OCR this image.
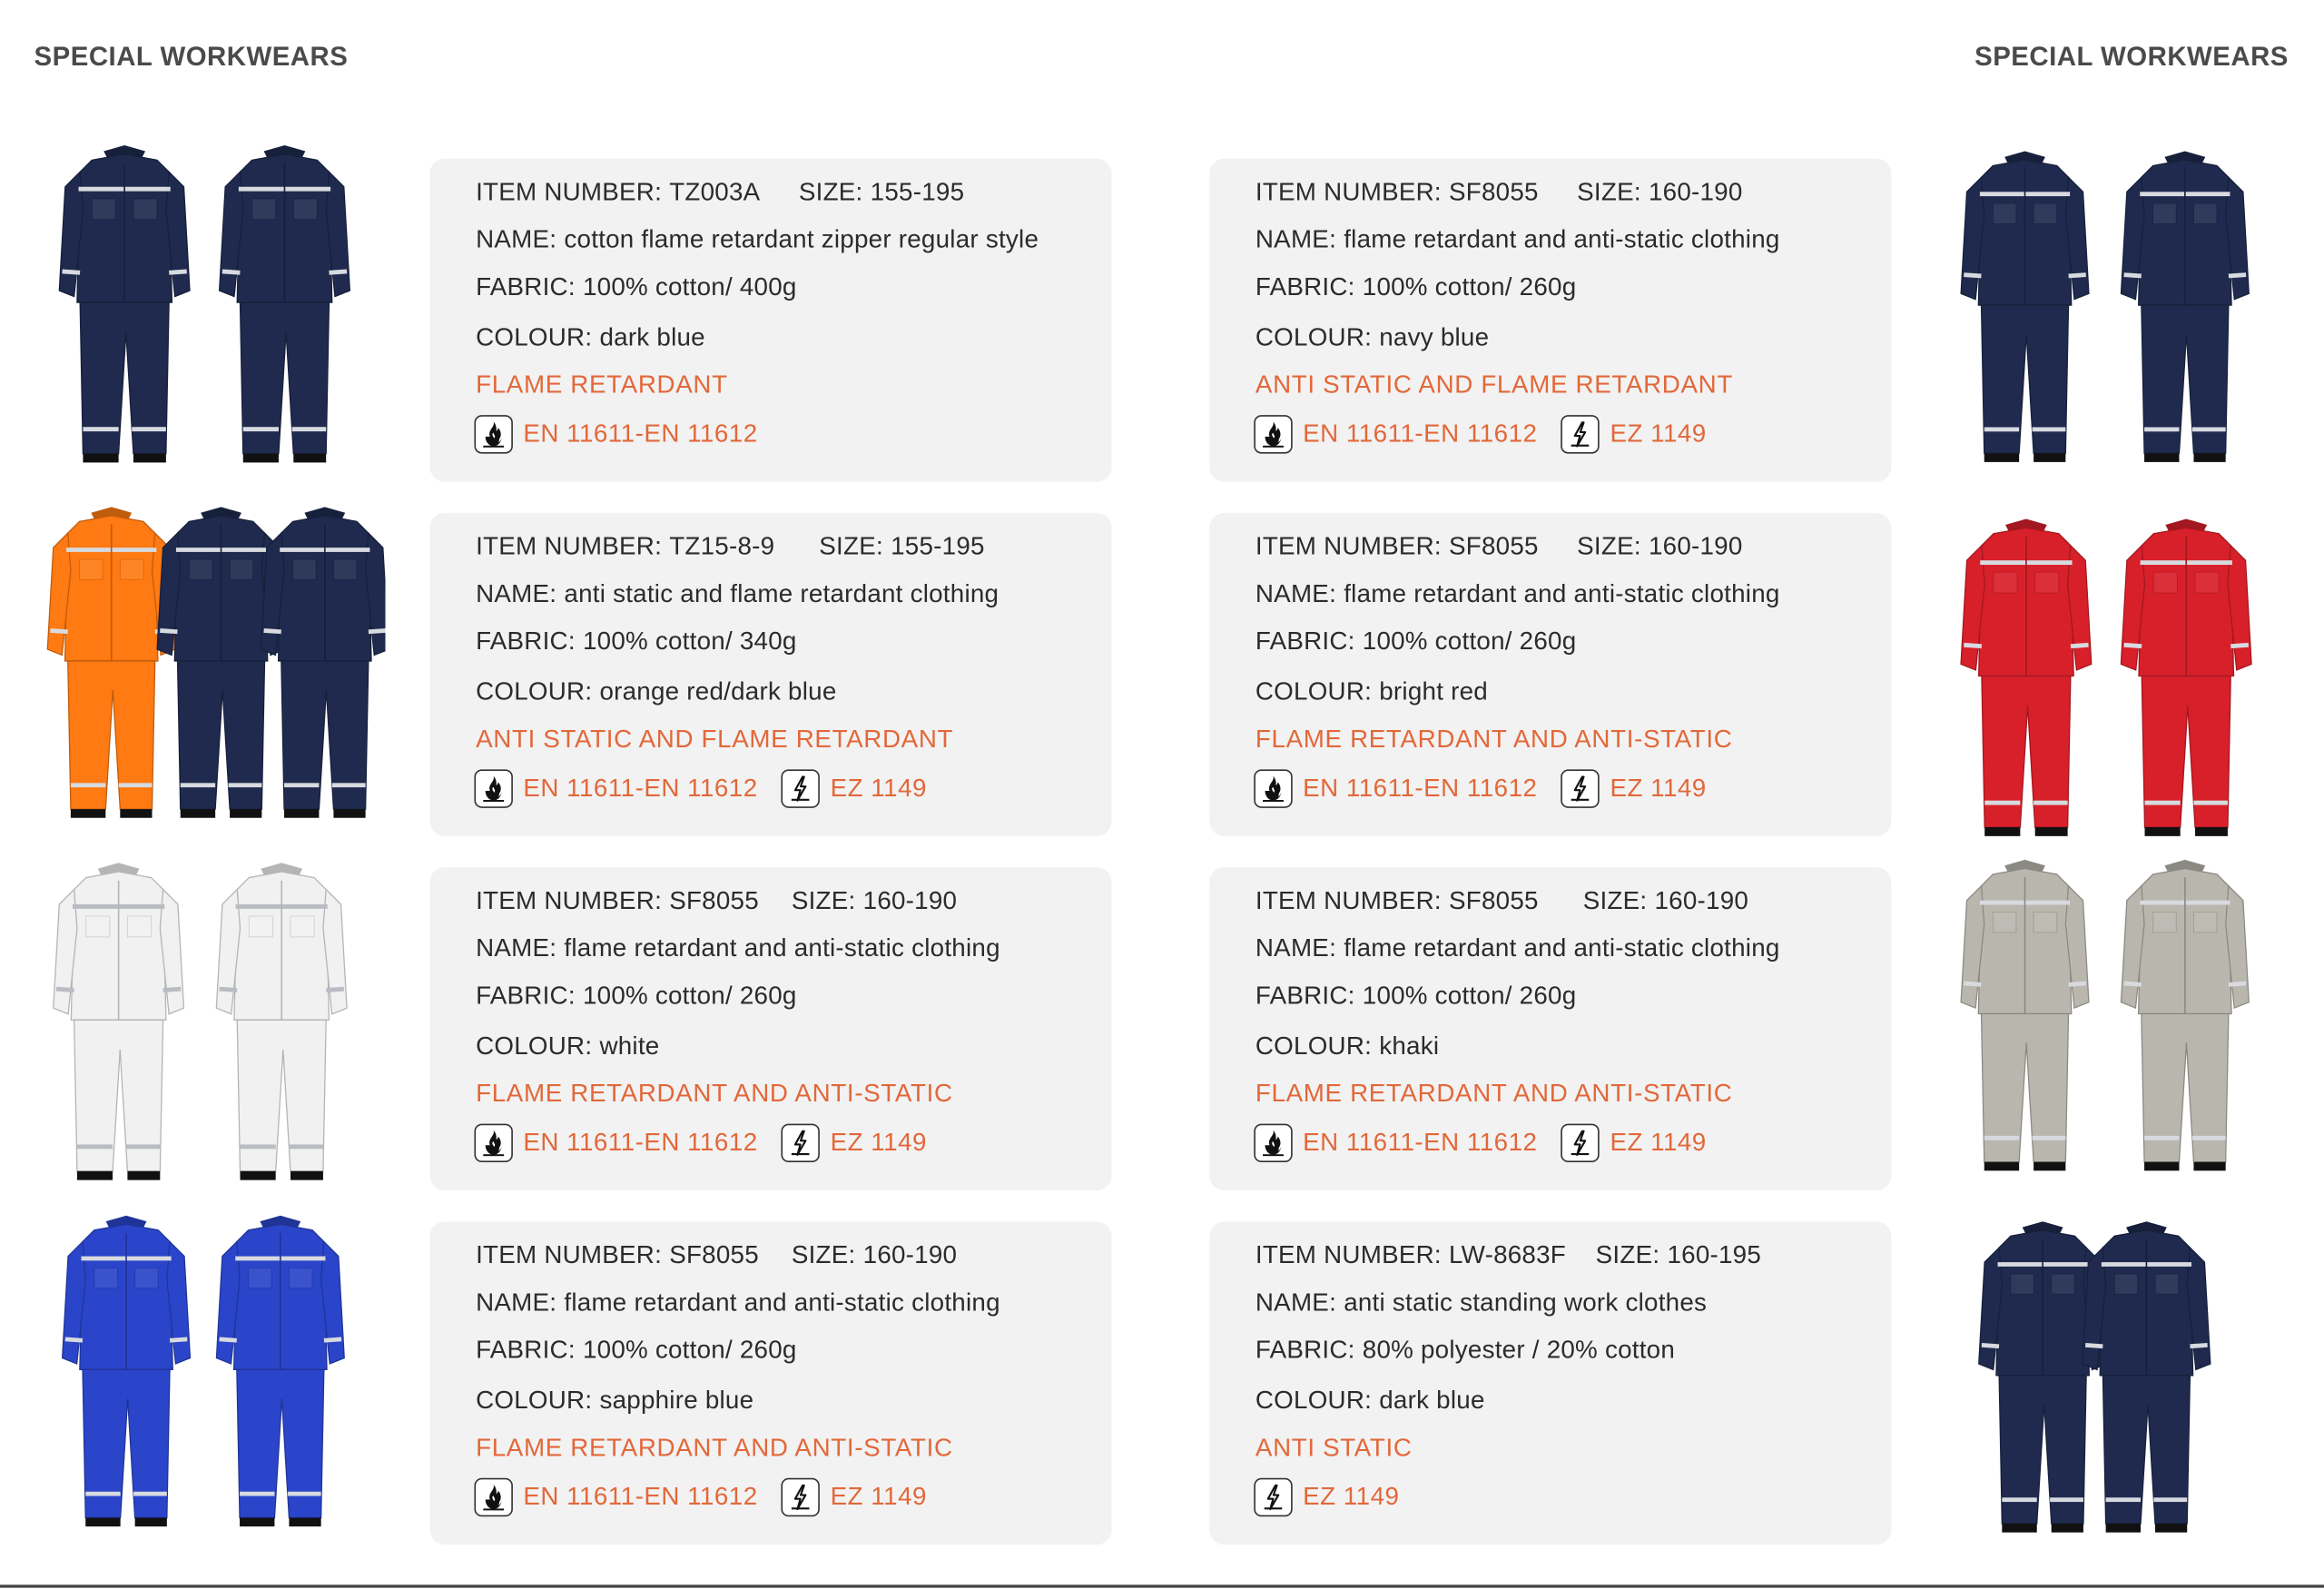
SPECIAL WORKWEARS	SPECIAL WORKWEARS
ITEM NUMBER: TZ003A SIZE: 155-195
NAME: cotton flame retardant zipper regular style
FABRIC: 100% cotton/ 400g
COLOUR: dark blue
FLAME RETARDANT
EN 11611-EN 11612
ITEM NUMBER: SF8055 SIZE: 160-190
NAME: flame retardant and anti-static clothing
FABRIC: 100% cotton/ 260g
COLOUR: navy blue
ANTI STATIC AND FLAME RETARDANT
EN 11611-EN 11612	EZ 1149
ITEM NUMBER: TZ15-8-9	SIZE: 155-195
NAME: anti static and flame retardant clothing
FABRIC: 100% cotton/ 340g
COLOUR: orange red/dark blue
ANTI STATIC AND FLAME RETARDANT
EN 11611-EN 11612	EZ 1149
ITEM NUMBER: SF8055 SIZE: 160-190
NAME: flame retardant and anti-static clothing
FABRIC: 100% cotton/ 260g
COLOUR: bright red
FLAME RETARDANT AND ANTI-STATIC
EN 11611-EN 11612	EZ 1149
ITEM NUMBER: SF8055 SIZE: 160-190
NAME: flame retardant and anti-static clothing
FABRIC: 100% cotton/ 260g
COLOUR: white
FLAME RETARDANT AND ANTI-STATIC
EN 11611-EN 11612	EZ 1149
ITEM NUMBER: SF8055	SIZE: 160-190
NAME: flame retardant and anti-static clothing
FABRIC: 100% cotton/ 260g
COLOUR: khaki
FLAME RETARDANT AND ANTI-STATIC
EN 11611-EN 11612	EZ 1149
ITEM NUMBER: SF8055 SIZE: 160-190
NAME: flame retardant and anti-static clothing
FABRIC: 100% cotton/ 260g
COLOUR: sapphire blue
FLAME RETARDANT AND ANTI-STATIC
EN 11611-EN 11612	EZ 1149
ITEM NUMBER: LW-8683F SIZE: 160-195
NAME: anti static standing work clothes
FABRIC: 80% polyester / 20% cotton
COLOUR: dark blue
ANTI STATIC
EZ 1149
